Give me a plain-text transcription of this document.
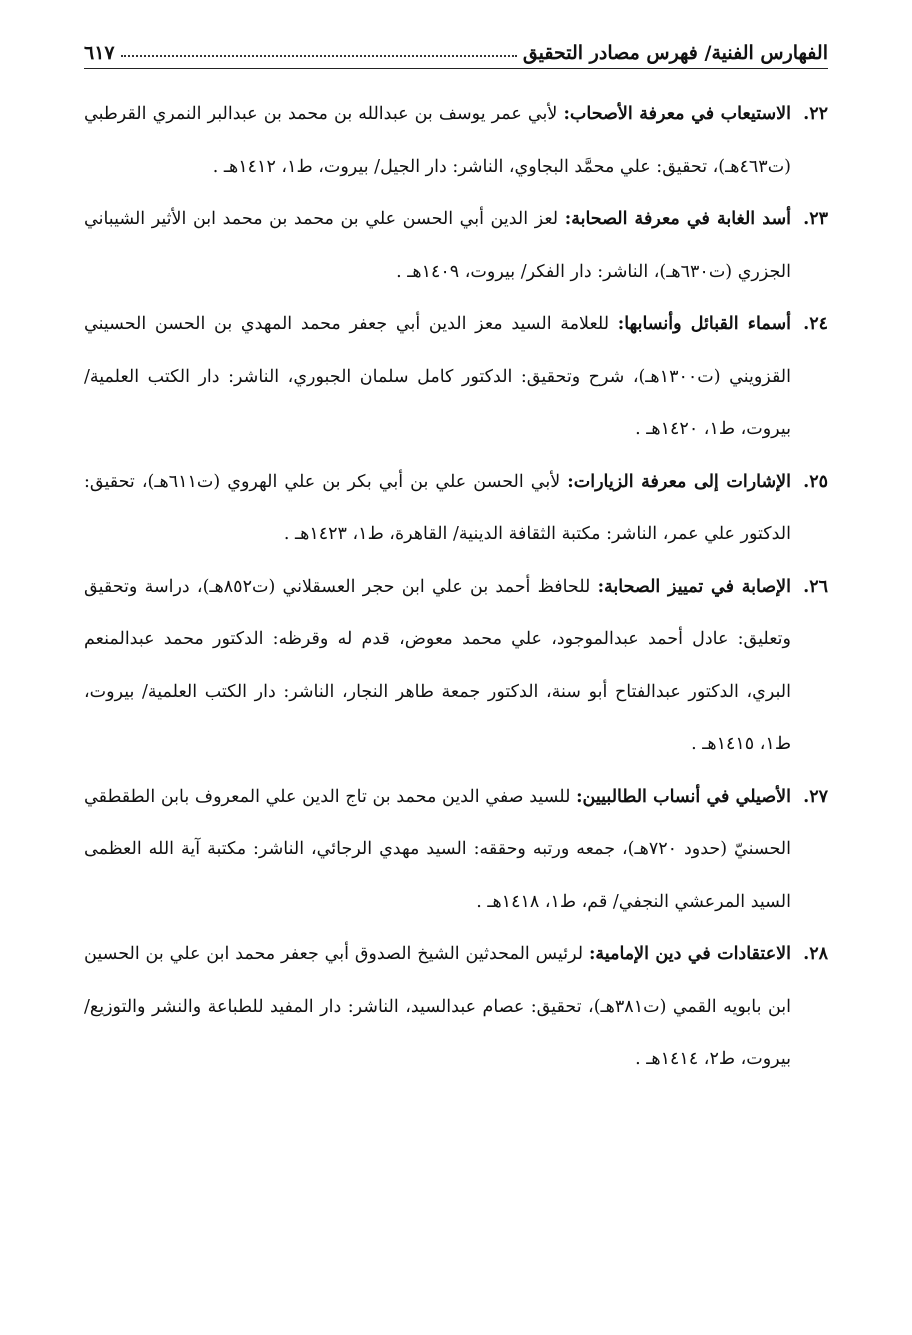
الفهارس الفنية/ فهرس مصادر التحقيق
٦١٧
٢٢.
الاستيعاب في معرفة الأصحاب: لأبي عمر يوسف بن عبدالله بن محمد بن عبدالبر النمري القرطبي (ت٤٦٣هـ)، تحقيق: علي محمَّد البجاوي، الناشر: دار الجيل/ بيروت، ط١، ١٤١٢هـ .
٢٣.
أسد الغابة في معرفة الصحابة: لعز الدين أبي الحسن علي بن محمد بن محمد ابن الأثير الشيباني الجزري (ت٦٣٠هـ)، الناشر: دار الفكر/ بيروت، ١٤٠٩هـ .
٢٤.
أسماء القبائل وأنسابها: للعلامة السيد معز الدين أبي جعفر محمد المهدي بن الحسن الحسيني القزويني (ت١٣٠٠هـ)، شرح وتحقيق: الدكتور كامل سلمان الجبوري، الناشر: دار الكتب العلمية/ بيروت، ط١، ١٤٢٠هـ .
٢٥.
الإشارات إلى معرفة الزيارات: لأبي الحسن علي بن أبي بكر بن علي الهروي (ت٦١١هـ)، تحقيق: الدكتور علي عمر، الناشر: مكتبة الثقافة الدينية/ القاهرة، ط١، ١٤٢٣هـ .
٢٦.
الإصابة في تمييز الصحابة: للحافظ أحمد بن علي ابن حجر العسقلاني (ت٨٥٢هـ)، دراسة وتحقيق وتعليق: عادل أحمد عبدالموجود، علي محمد معوض، قدم له وقرظه: الدكتور محمد عبدالمنعم البري، الدكتور عبدالفتاح أبو سنة، الدكتور جمعة طاهر النجار، الناشر: دار الكتب العلمية/ بيروت، ط١، ١٤١٥هـ .
٢٧.
الأصيلي في أنساب الطالبيين: للسيد صفي الدين محمد بن تاج الدين علي المعروف بابن الطقطقي الحسنيّ (حدود ٧٢٠هـ)، جمعه ورتبه وحققه: السيد مهدي الرجائي، الناشر: مكتبة آية الله العظمى السيد المرعشي النجفي/ قم، ط١، ١٤١٨هـ .
٢٨.
الاعتقادات في دين الإمامية: لرئيس المحدثين الشيخ الصدوق أبي جعفر محمد ابن علي بن الحسين ابن بابويه القمي (ت٣٨١هـ)، تحقيق: عصام عبدالسيد، الناشر: دار المفيد للطباعة والنشر والتوزيع/ بيروت، ط٢، ١٤١٤هـ .
